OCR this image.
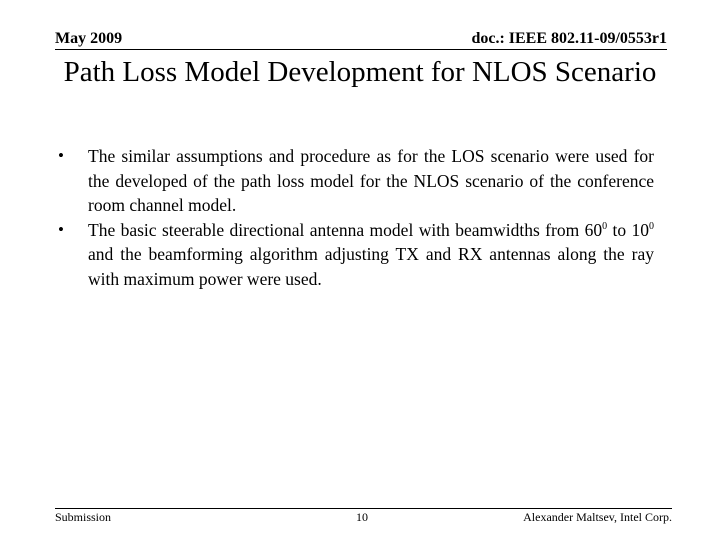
May 2009	doc.: IEEE 802.11-09/0553r1
Path Loss Model Development for NLOS Scenario
•	The similar assumptions and procedure as for the LOS scenario were used for the developed of the path loss model for the NLOS scenario of the conference room channel model.
•	The basic steerable directional antenna model with beamwidths from $60^0$ to $10^0$ and the beamforming algorithm adjusting TX and RX antennas along the ray with maximum power were used.
Submission	10	Alexander Maltsev, Intel Corp.
